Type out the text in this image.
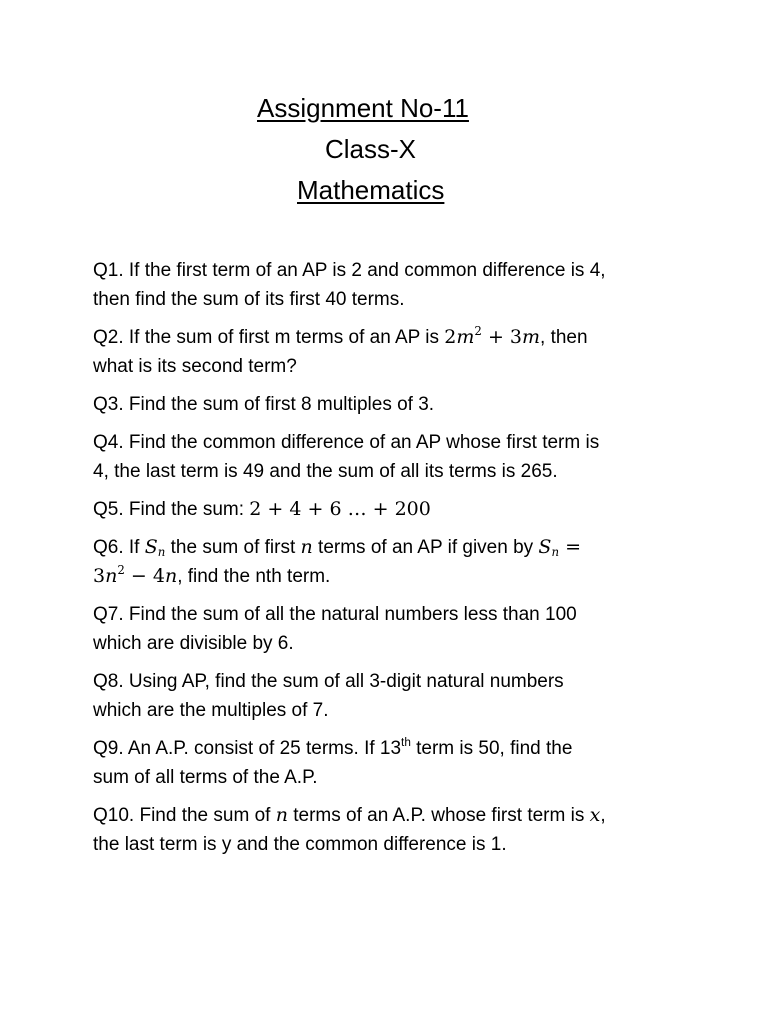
Assignment No-11
Class-X
Mathematics

Q1. If the first term of an AP is 2 and common difference is 4,
then find the sum of its first 40 terms.

Q2. If the sum of first m terms of an AP is $2m^2 + 3m$, then
what is its second term?

Q3. Find the sum of first 8 multiples of 3.

Q4. Find the common difference of an AP whose first term is
4, the last term is 49 and the sum of all its terms is 265.

Q5. Find the sum: 2 + 4 + 6 … + 200

Q6. If $S_n$ the sum of first n terms of an AP if given by $S_n$ =
$3n^2 - 4n$, find the nth term.

Q7. Find the sum of all the natural numbers less than 100
which are divisible by 6.

Q8. Using AP, find the sum of all 3-digit natural numbers
which are the multiples of 7.

Q9. An A.P. consist of 25 terms. If 13th term is 50, find the
sum of all terms of the A.P.

Q10. Find the sum of n terms of an A.P. whose first term is x,
the last term is y and the common difference is 1.
